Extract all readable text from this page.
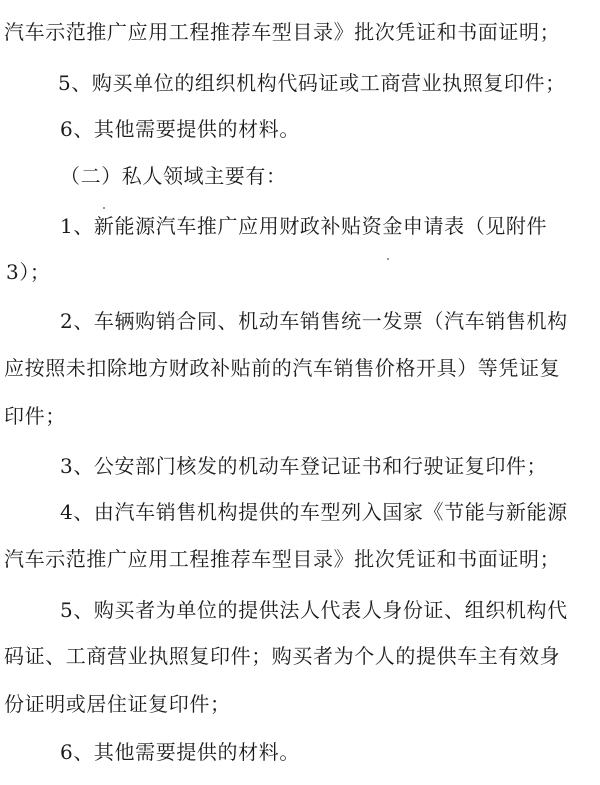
汽车示范推广应用工程推荐车型目录》批次凭证和书面证明；
5、购买单位的组织机构代码证或工商营业执照复印件；
6、其他需要提供的材料。
（二）私人领域主要有：
1、新能源汽车推广应用财政补贴资金申请表（见附件
3）；
2、车辆购销合同、机动车销售统一发票（汽车销售机构
应按照未扣除地方财政补贴前的汽车销售价格开具）等凭证复
印件；
3、公安部门核发的机动车登记证书和行驶证复印件；
4、由汽车销售机构提供的车型列入国家《节能与新能源
汽车示范推广应用工程推荐车型目录》批次凭证和书面证明；
5、购买者为单位的提供法人代表人身份证、组织机构代
码证、工商营业执照复印件；购买者为个人的提供车主有效身
份证明或居住证复印件；
6、其他需要提供的材料。
